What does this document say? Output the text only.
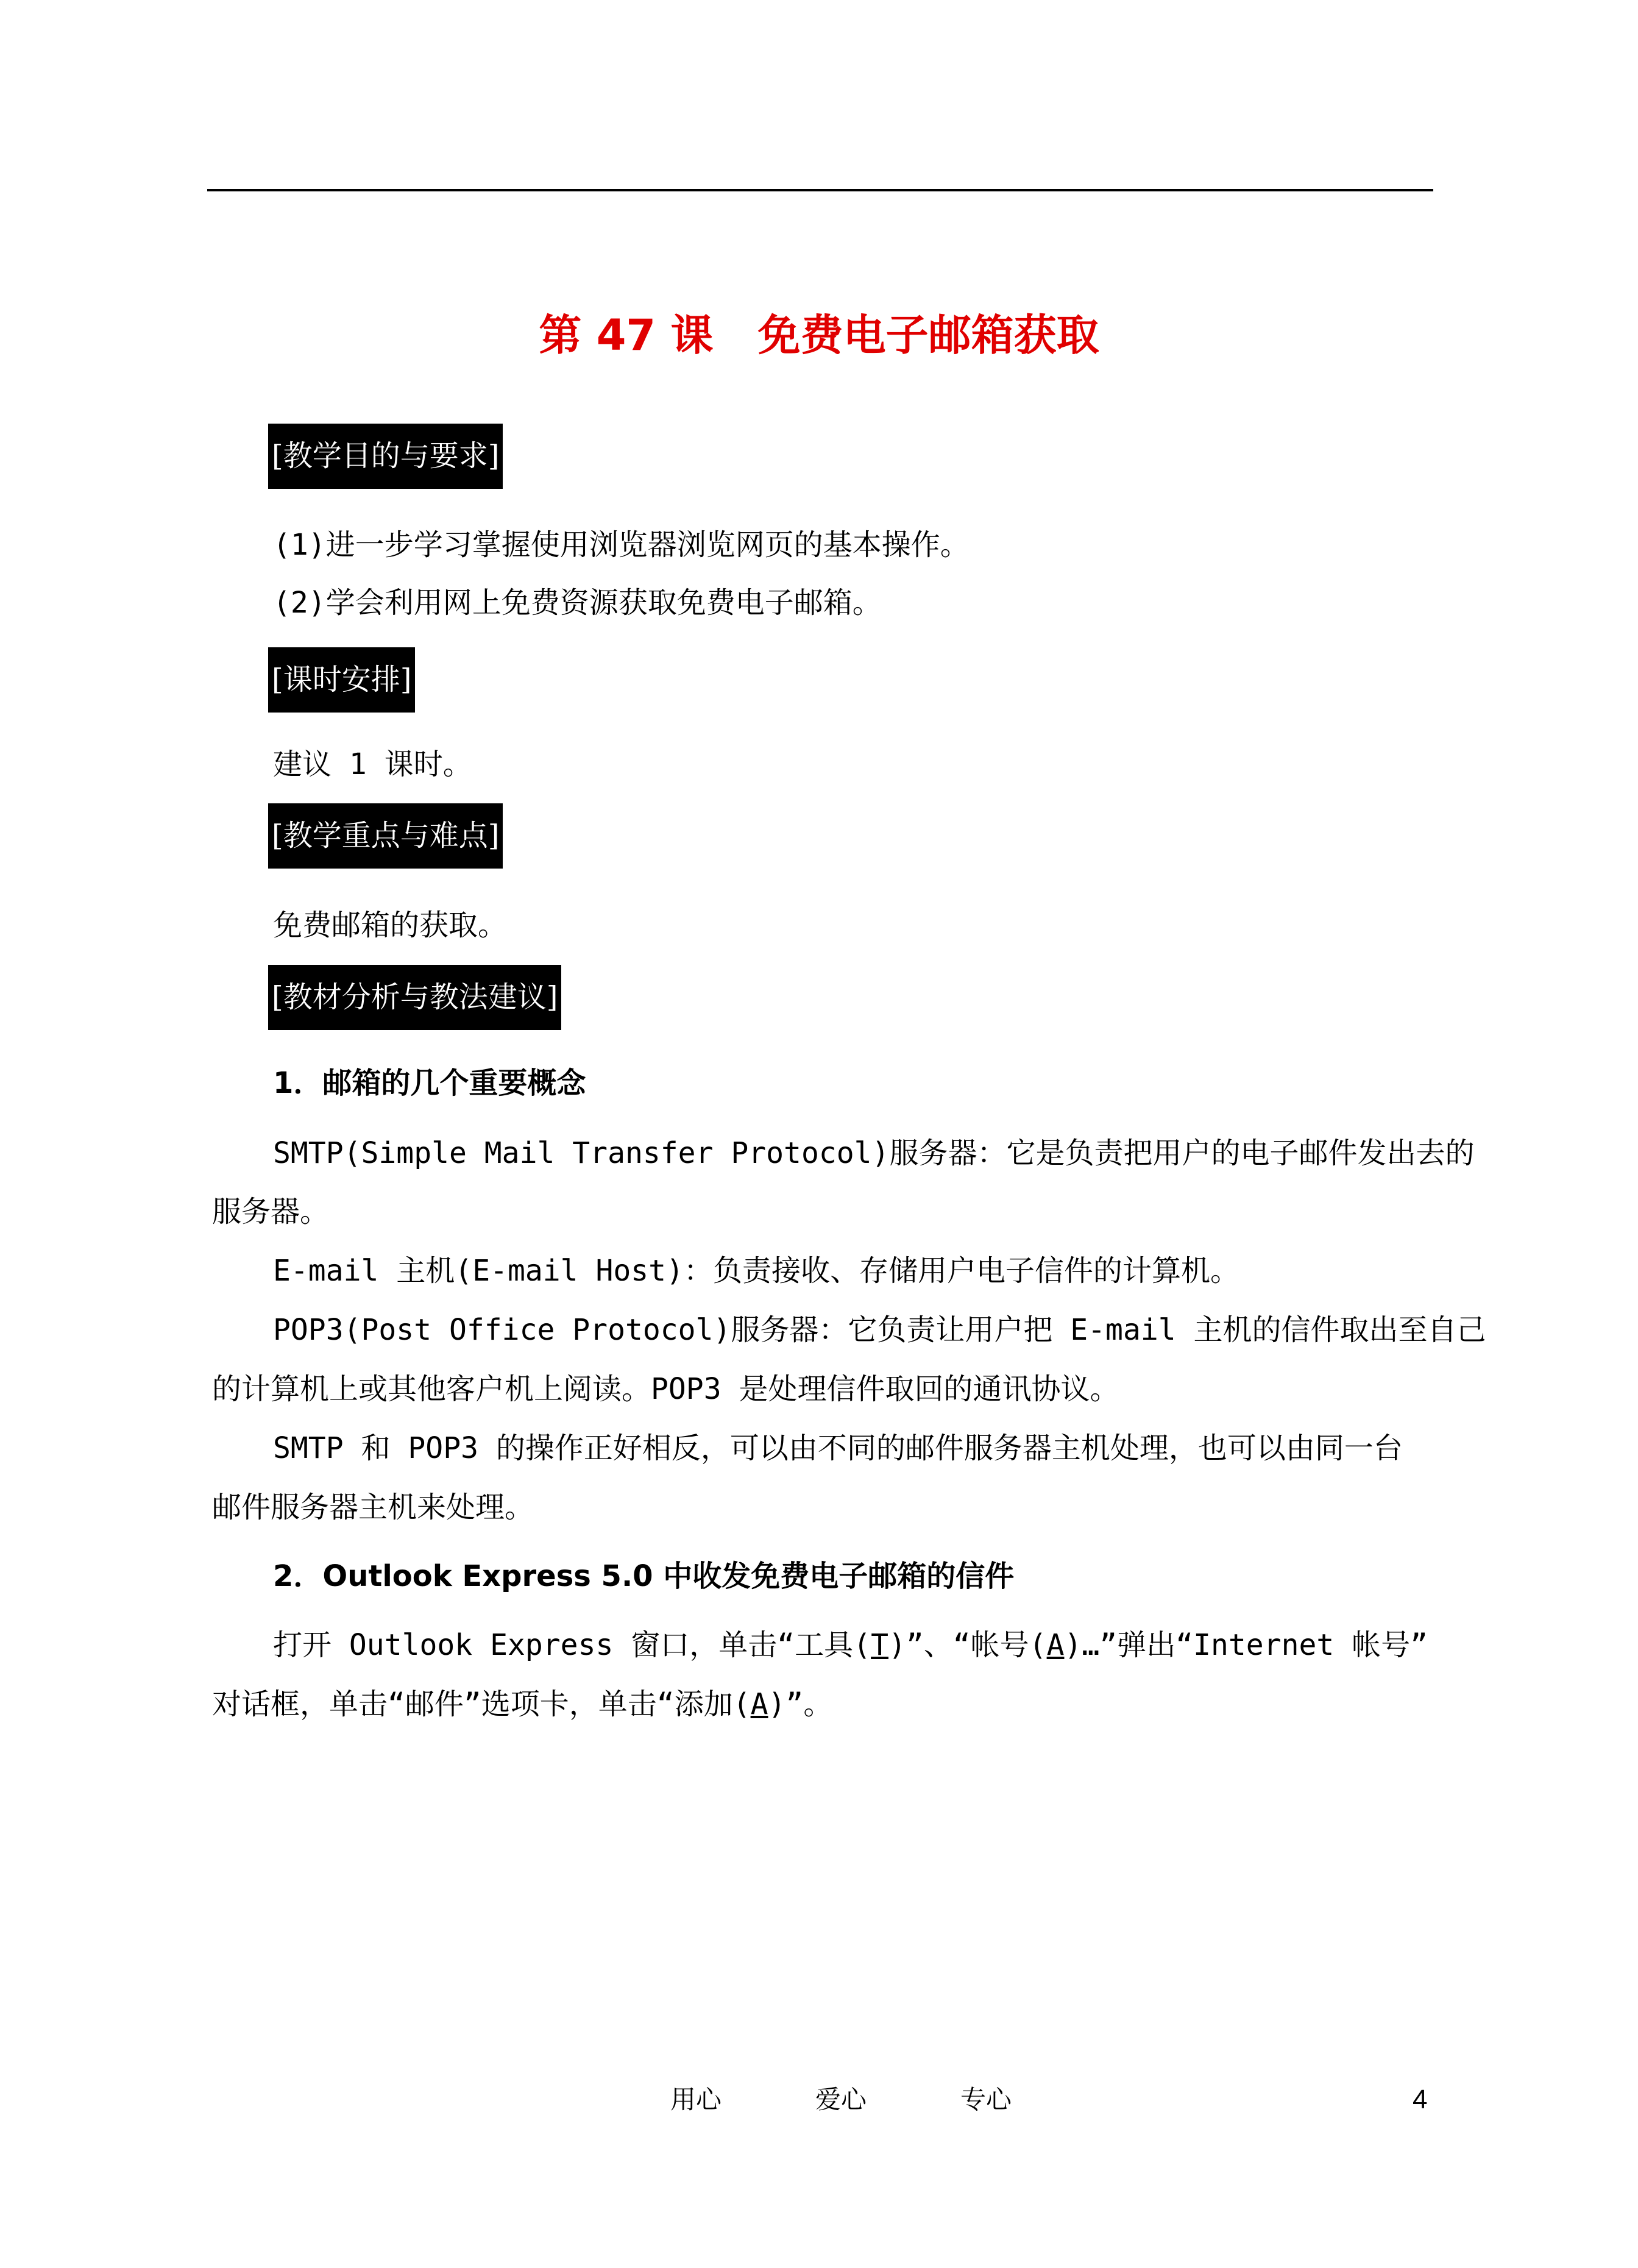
第 47 课   免费电子邮箱获取
[教学目的与要求]
(1)进一步学习掌握使用浏览器浏览网页的基本操作。
(2)学会利用网上免费资源获取免费电子邮箱。
[课时安排]
建议 1 课时。
[教学重点与难点]
免费邮箱的获取。
[教材分析与教法建议]
1．邮箱的几个重要概念
SMTP(Simple Mail Transfer Protocol)服务器：它是负责把用户的电子邮件发出去的
服务器。
E-mail 主机(E-mail Host)：负责接收、存储用户电子信件的计算机。
POP3(Post Office Protocol)服务器：它负责让用户把 E-mail 主机的信件取出至自己
的计算机上或其他客户机上阅读。POP3 是处理信件取回的通讯协议。
SMTP 和 POP3 的操作正好相反，可以由不同的邮件服务器主机处理，也可以由同一台
邮件服务器主机来处理。
2．Outlook Express 5.0 中收发免费电子邮箱的信件
打开 Outlook Express 窗口，单击“工具(T)”、“帐号(A)…”弹出“Internet 帐号”
对话框，单击“邮件”选项卡，单击“添加(A)”。
用心	爱心	专心	4
